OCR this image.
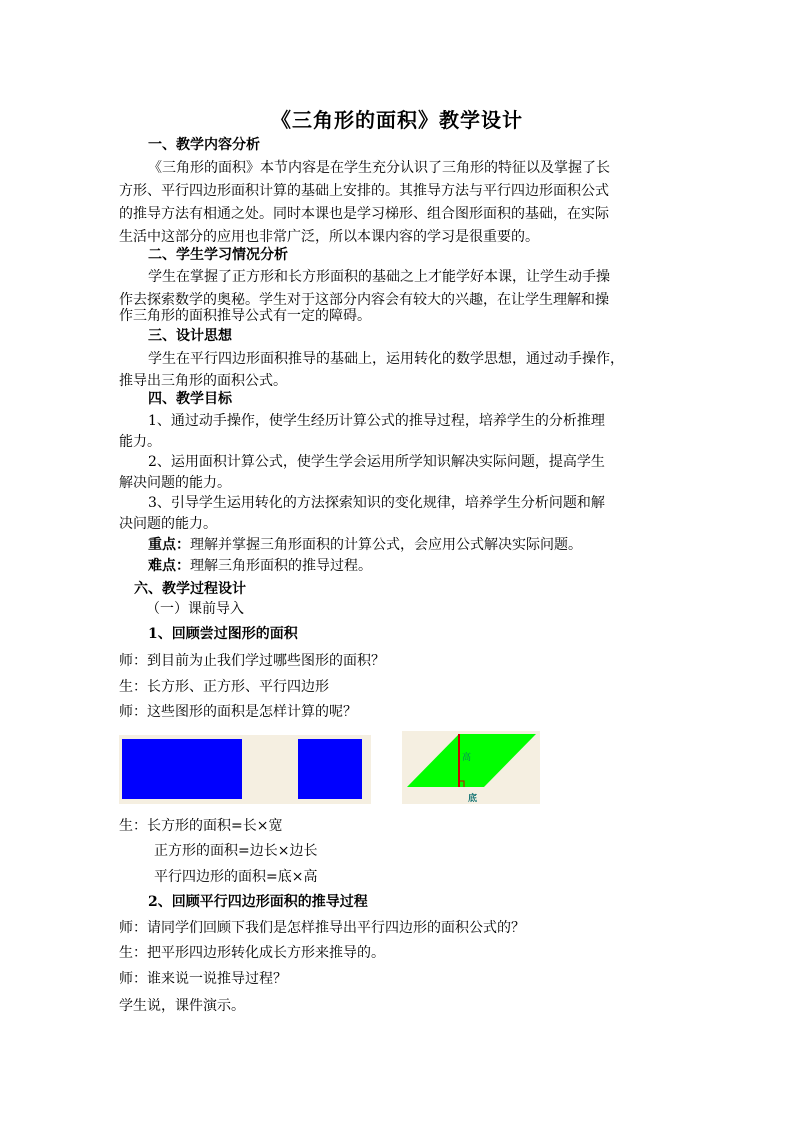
《三角形的面积》教学设计
一、教学内容分析
《三角形的面积》本节内容是在学生充分认识了三角形的特征以及掌握了长
方形、平行四边形面积计算的基础上安排的。其推导方法与平行四边形面积公式
的推导方法有相通之处。同时本课也是学习梯形、组合图形面积的基础，在实际
生活中这部分的应用也非常广泛，所以本课内容的学习是很重要的。
二、学生学习情况分析
学生在掌握了正方形和长方形面积的基础之上才能学好本课，让学生动手操
作去探索数学的奥秘。学生对于这部分内容会有较大的兴趣，在让学生理解和操
作三角形的面积推导公式有一定的障碍。
三、设计思想
学生在平行四边形面积推导的基础上，运用转化的数学思想，通过动手操作，
推导出三角形的面积公式。
四、教学目标
1、通过动手操作，使学生经历计算公式的推导过程，培养学生的分析推理
能力。
2、运用面积计算公式，使学生学会运用所学知识解决实际问题，提高学生
解决问题的能力。
3、引导学生运用转化的方法探索知识的变化规律，培养学生分析问题和解
决问题的能力。
重点：理解并掌握三角形面积的计算公式，会应用公式解决实际问题。
难点：理解三角形面积的推导过程。
六、教学过程设计
（一）课前导入
1、回顾尝过图形的面积
师：到目前为止我们学过哪些图形的面积？
生：长方形、正方形、平行四边形
师：这些图形的面积是怎样计算的呢？
高
底
生：长方形的面积=长×宽
正方形的面积=边长×边长
平行四边形的面积=底×高
2、回顾平行四边形面积的推导过程
师：请同学们回顾下我们是怎样推导出平行四边形的面积公式的？
生：把平形四边形转化成长方形来推导的。
师：谁来说一说推导过程？
学生说，课件演示。
